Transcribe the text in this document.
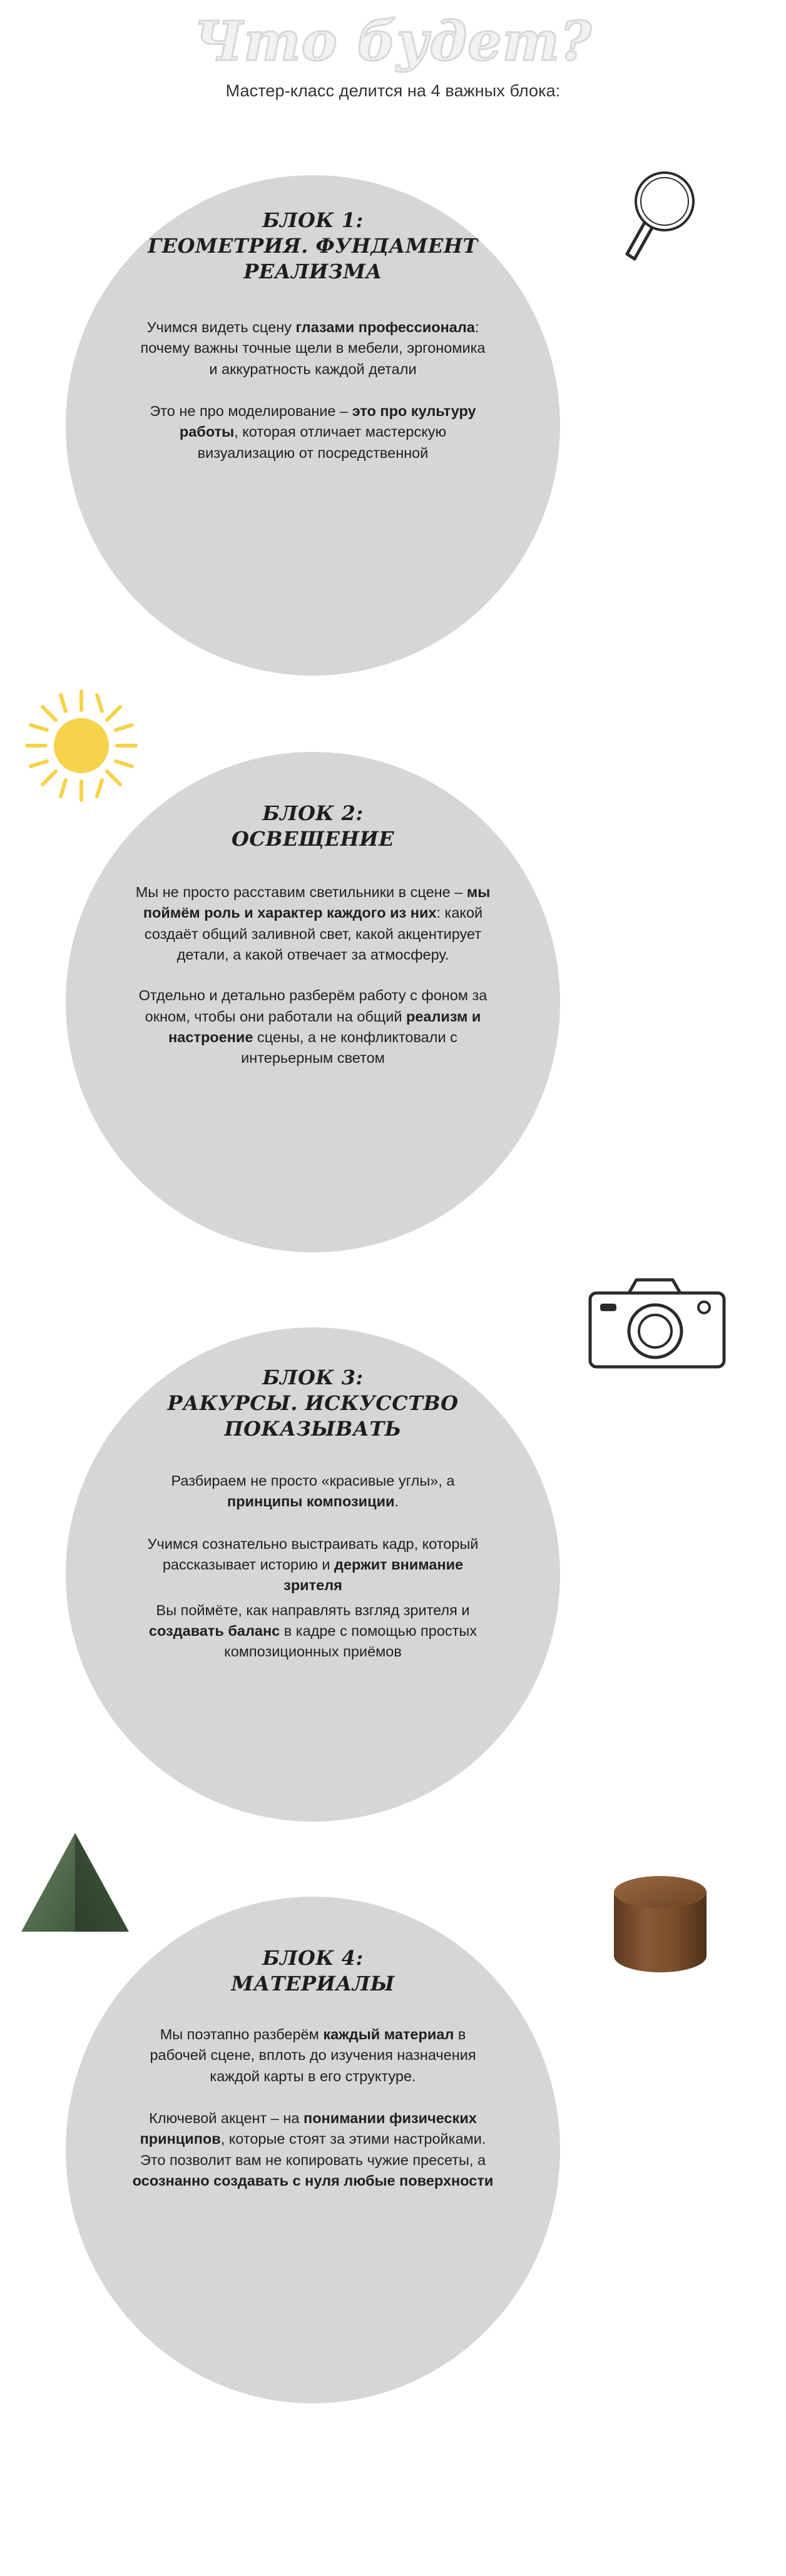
Что будет?

Мастер-класс делится на 4 важных блока:

БЛОК 1:
ГЕОМЕТРИЯ. ФУНДАМЕНТ
РЕАЛИЗМА

Учимся видеть сцену глазами профессионала: почему важны точные щели в мебели, эргономика и аккуратность каждой детали

Это не про моделирование – это про культуру работы, которая отличает мастерскую визуализацию от посредственной

БЛОК 2:
ОСВЕЩЕНИЕ

Мы не просто расставим светильники в сцене – мы поймём роль и характер каждого из них: какой создаёт общий заливной свет, какой акцентирует детали, а какой отвечает за атмосферу.

Отдельно и детально разберём работу с фоном за окном, чтобы они работали на общий реализм и настроение сцены, а не конфликтовали с интерьерным светом

БЛОК 3:
РАКУРСЫ. ИСКУССТВО
ПОКАЗЫВАТЬ

Разбираем не просто «красивые углы», а принципы композиции.

Учимся сознательно выстраивать кадр, который рассказывает историю и держит внимание зрителя

Вы поймёте, как направлять взгляд зрителя и создавать баланс в кадре с помощью простых композиционных приёмов

БЛОК 4:
МАТЕРИАЛЫ

Мы поэтапно разберём каждый материал в рабочей сцене, вплоть до изучения назначения каждой карты в его структуре.

Ключевой акцент – на понимании физических принципов, которые стоят за этими настройками. Это позволит вам не копировать чужие пресеты, а осознанно создавать с нуля любые поверхности
